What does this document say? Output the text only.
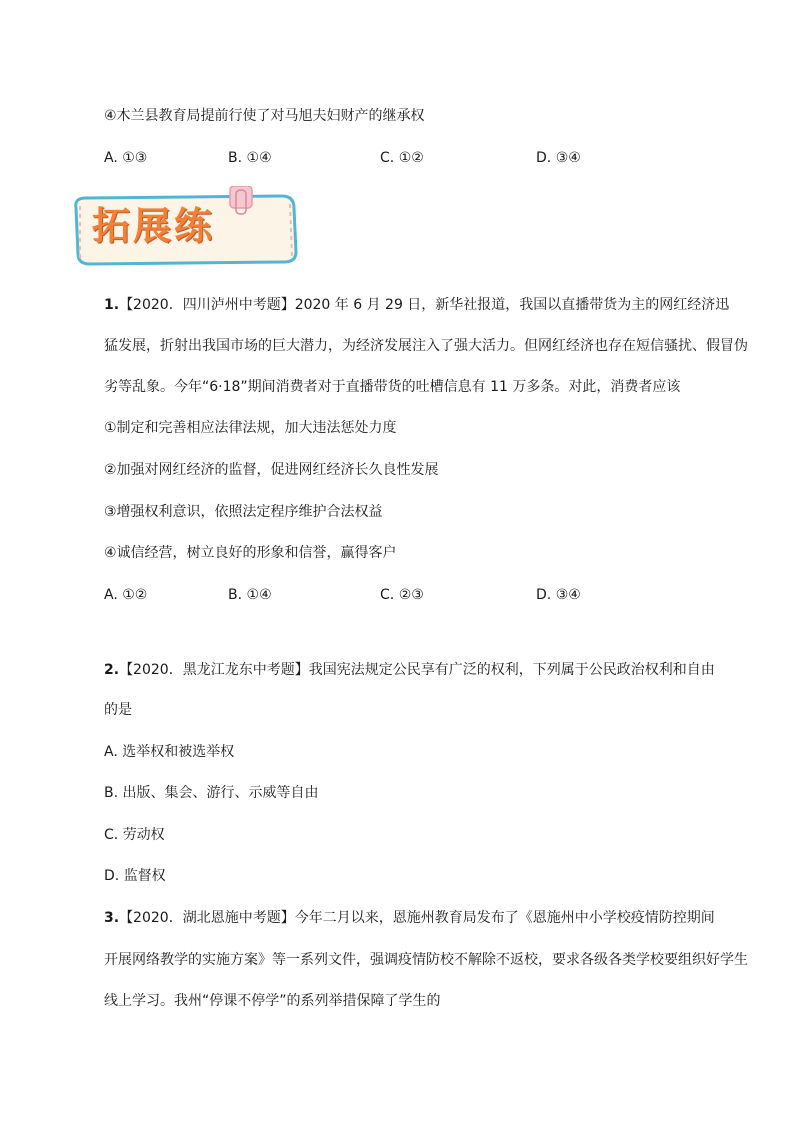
④木兰县教育局提前行使了对马旭夫妇财产的继承权
A. ①③	B. ①④	C. ①②	D. ③④
拓展练
1.【2020．四川泸州中考题】2020 年 6 月 29 日，新华社报道，我国以直播带货为主的网红经济迅
猛发展，折射出我国市场的巨大潜力，为经济发展注入了强大活力。但网红经济也存在短信骚扰、假冒伪
劣等乱象。今年“6·18”期间消费者对于直播带货的吐槽信息有 11 万多条。对此，消费者应该
①制定和完善相应法律法规，加大违法惩处力度
②加强对网红经济的监督，促进网红经济长久良性发展
③增强权利意识，依照法定程序维护合法权益
④诚信经营，树立良好的形象和信誉，赢得客户
A. ①②	B. ①④	C. ②③	D. ③④
2.【2020．黑龙江龙东中考题】我国宪法规定公民享有广泛的权利，下列属于公民政治权利和自由
的是
A. 选举权和被选举权
B. 出版、集会、游行、示威等自由
C. 劳动权
D. 监督权
3.【2020．湖北恩施中考题】今年二月以来，恩施州教育局发布了《恩施州中小学校疫情防控期间
开展网络教学的实施方案》等一系列文件，强调疫情防校不解除不返校，要求各级各类学校要组织好学生
线上学习。我州“停课不停学”的系列举措保障了学生的
